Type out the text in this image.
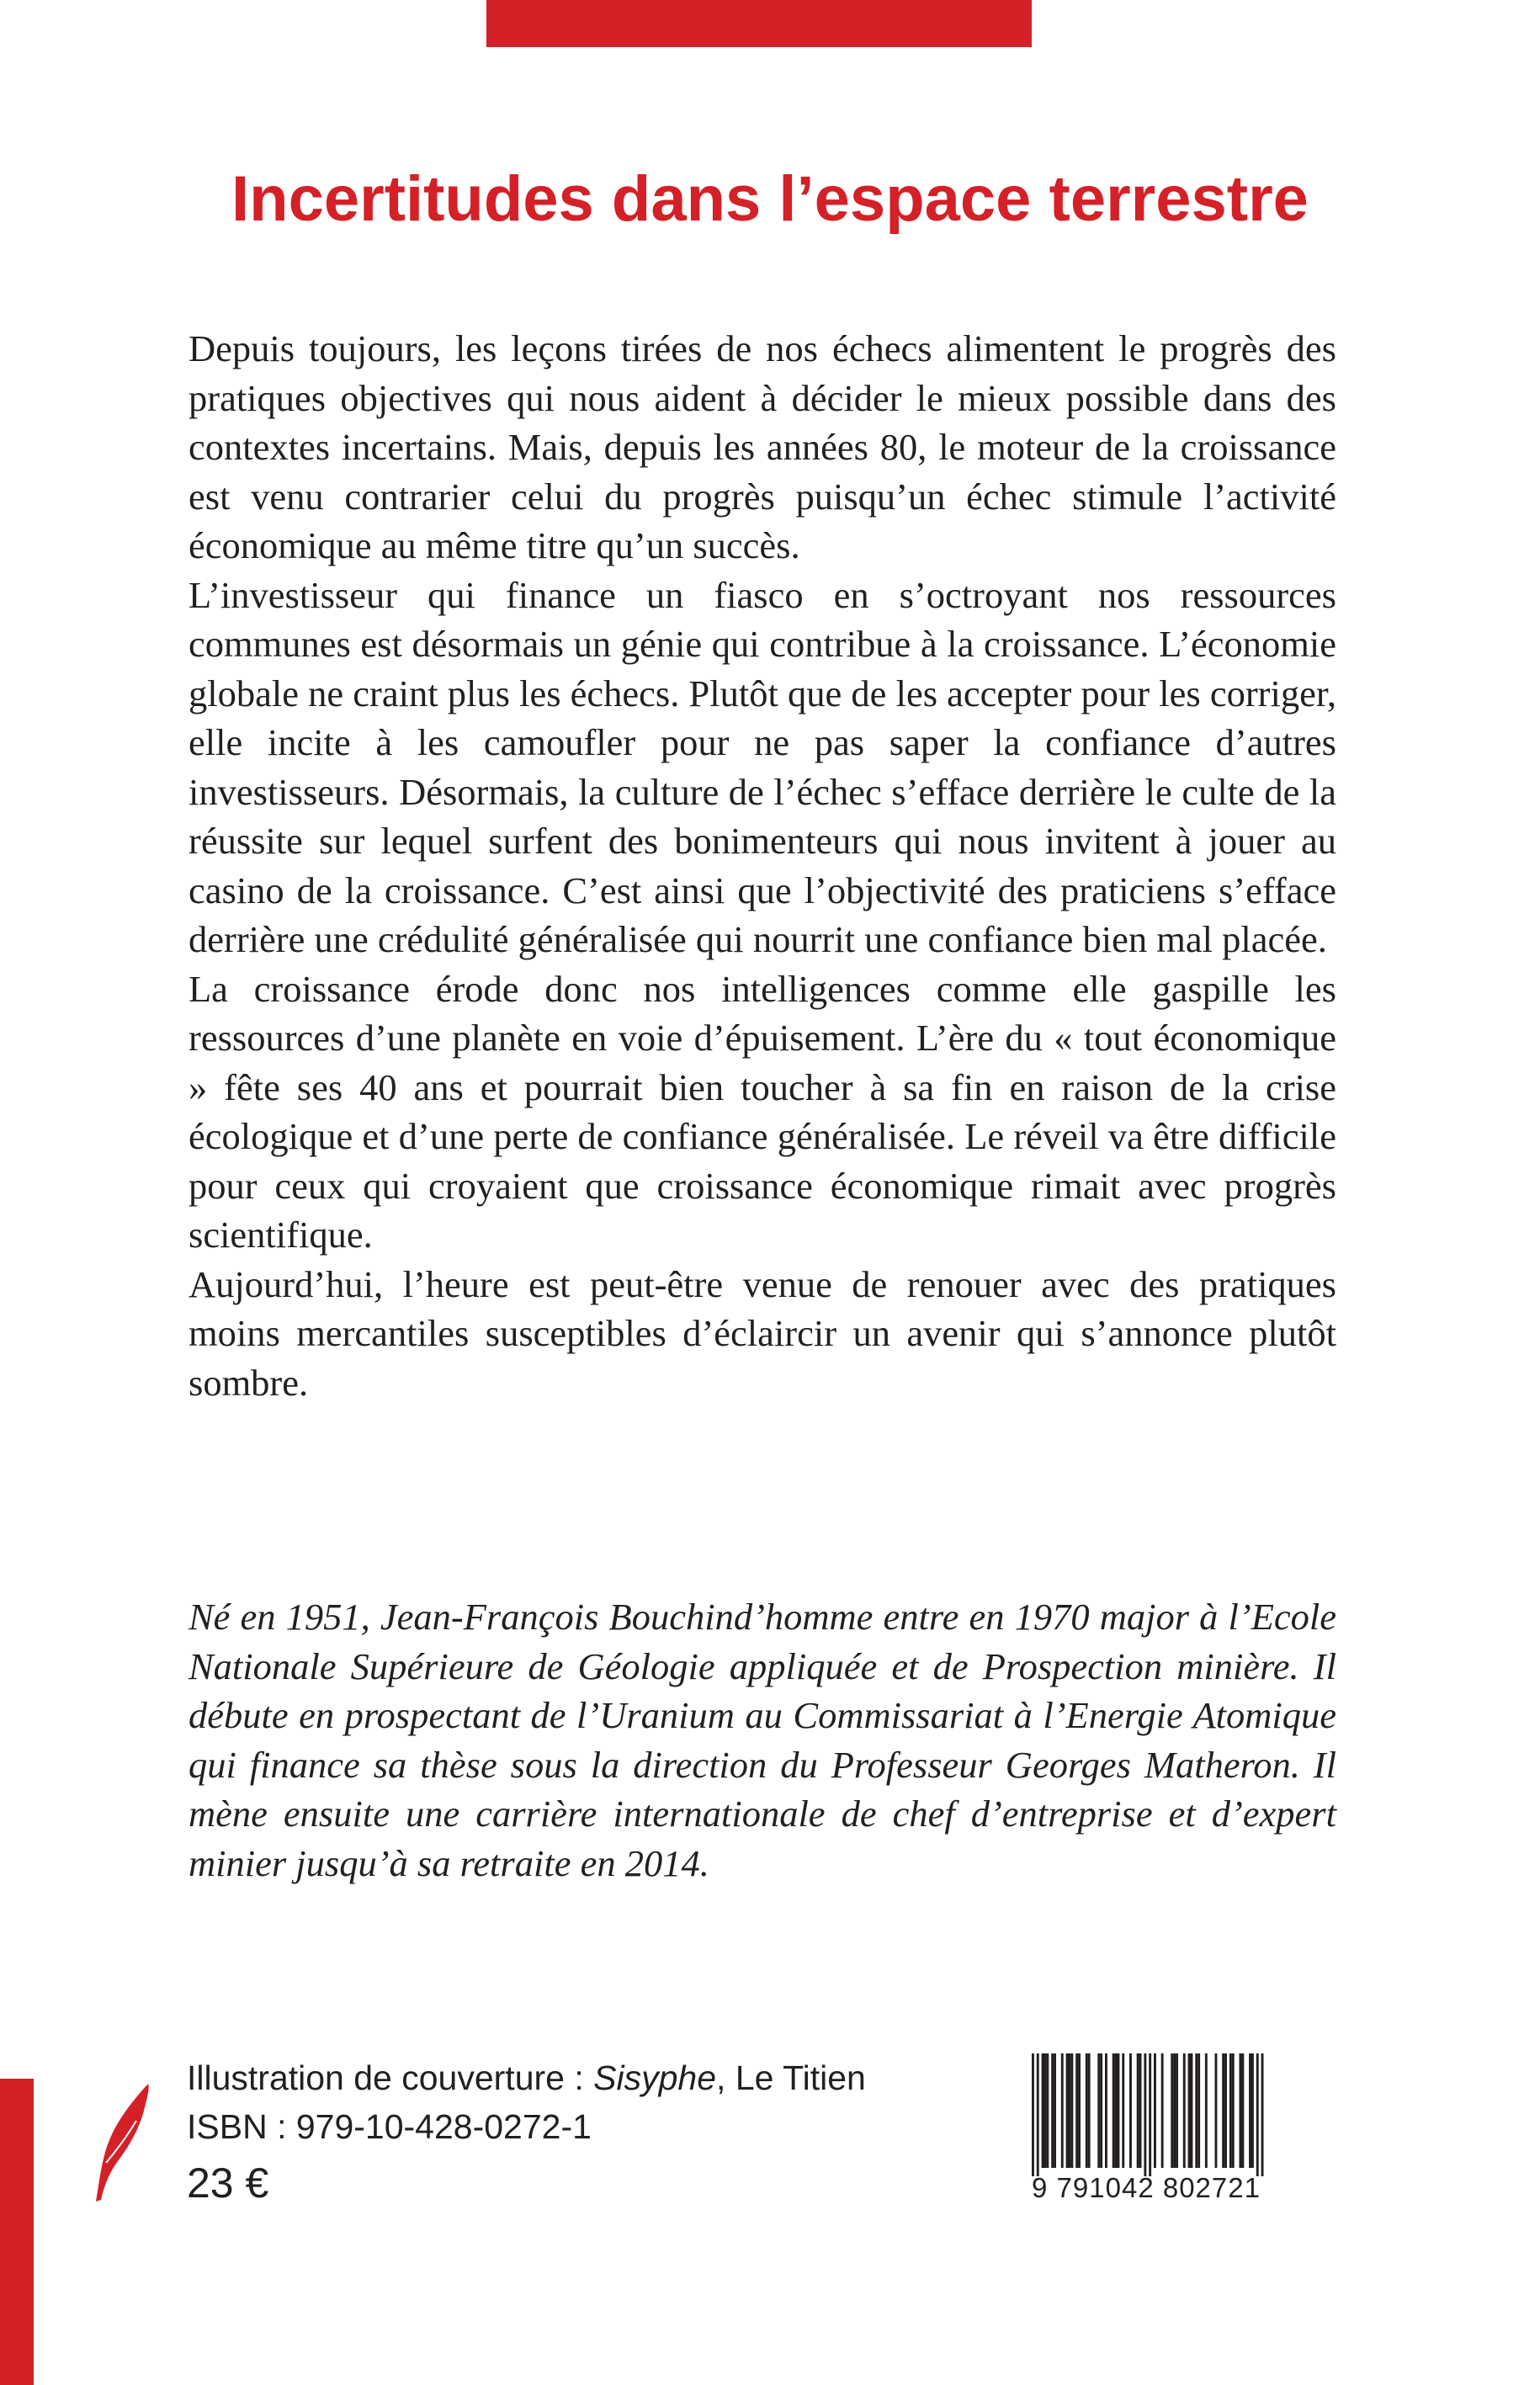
Incertitudes dans l’espace terrestre

Depuis toujours, les leçons tirées de nos échecs alimentent le progrès des pratiques objectives qui nous aident à décider le mieux possible dans des contextes incertains. Mais, depuis les années 80, le moteur de la croissance est venu contrarier celui du progrès puisqu’un échec stimule l’activité économique au même titre qu’un succès.

L’investisseur qui finance un fiasco en s’octroyant nos ressources communes est désormais un génie qui contribue à la croissance. L’économie globale ne craint plus les échecs. Plutôt que de les accepter pour les corriger, elle incite à les camoufler pour ne pas saper la confiance d’autres investisseurs. Désormais, la culture de l’échec s’efface derrière le culte de la réussite sur lequel surfent des bonimenteurs qui nous invitent à jouer au casino de la croissance. C’est ainsi que l’objectivité des praticiens s’efface derrière une crédulité généralisée qui nourrit une confiance bien mal placée.

La croissance érode donc nos intelligences comme elle gaspille les ressources d’une planète en voie d’épuisement. L’ère du « tout économique » fête ses 40 ans et pourrait bien toucher à sa fin en raison de la crise écologique et d’une perte de confiance généralisée. Le réveil va être difficile pour ceux qui croyaient que croissance économique rimait avec progrès scientifique.

Aujourd’hui, l’heure est peut-être venue de renouer avec des pratiques moins mercantiles susceptibles d’éclaircir un avenir qui s’annonce plutôt sombre.

Né en 1951, Jean-François Bouchind’homme entre en 1970 major à l’Ecole Nationale Supérieure de Géologie appliquée et de Prospection minière. Il débute en prospectant de l’Uranium au Commissariat à l’Energie Atomique qui finance sa thèse sous la direction du Professeur Georges Matheron. Il mène ensuite une carrière internationale de chef d’entreprise et d’expert minier jusqu’à sa retraite en 2014.

Illustration de couverture : Sisyphe, Le Titien
ISBN : 979-10-428-0272-1
23 €	9 791042 802721
